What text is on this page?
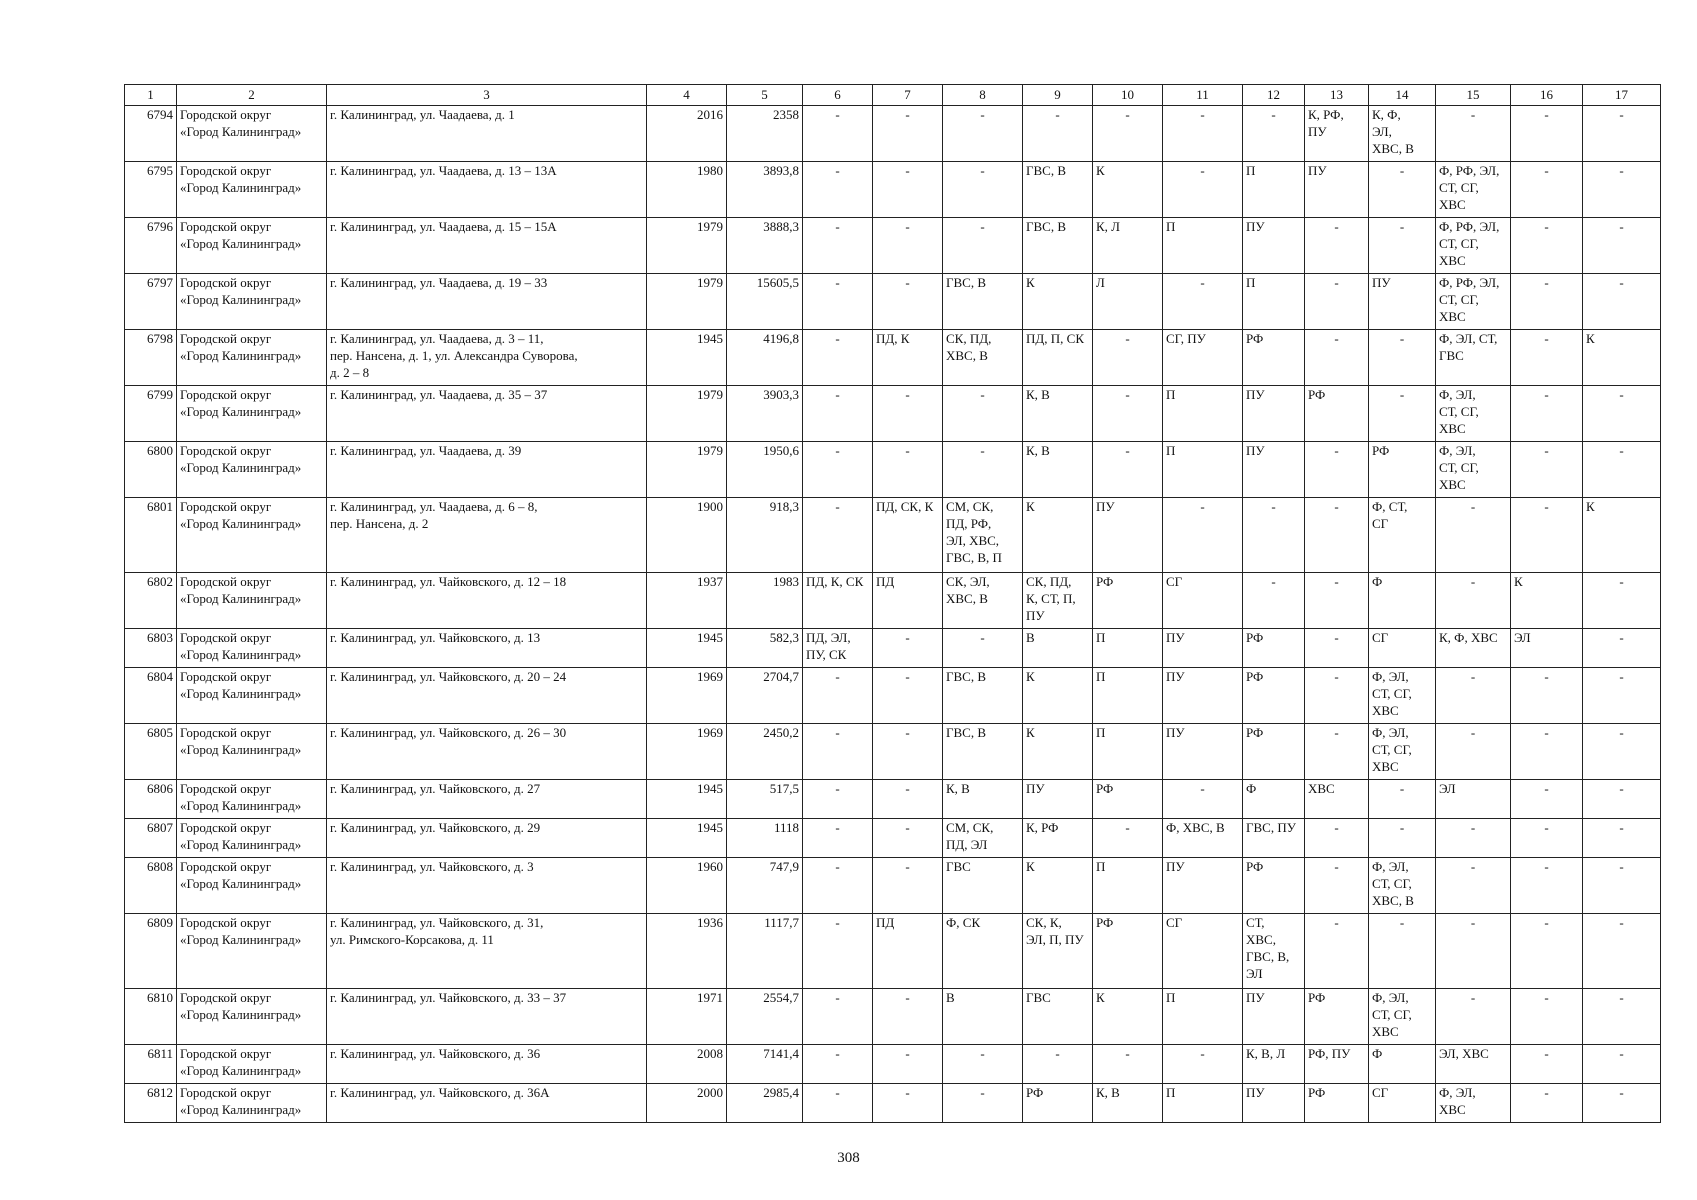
1	2	3	4	5	6	7	8	9	10	11	12	13	14	15	16	17
6794	Городской округ
«Город Калининград»	г. Калининград, ул. Чаадаева, д. 1	2016	2358	-	-	-	-	-	-	-	К, РФ,
ПУ	К, Ф,
ЭЛ,
ХВС, В	-	-	-
6795	Городской округ
«Город Калининград»	г. Калининград, ул. Чаадаева, д. 13 – 13А	1980	3893,8	-	-	-	ГВС, В	К	-	П	ПУ	-	Ф, РФ, ЭЛ,
СТ, СГ,
ХВС	-	-
6796	Городской округ
«Город Калининград»	г. Калининград, ул. Чаадаева, д. 15 – 15А	1979	3888,3	-	-	-	ГВС, В	К, Л	П	ПУ	-	-	Ф, РФ, ЭЛ,
СТ, СГ,
ХВС	-	-
6797	Городской округ
«Город Калининград»	г. Калининград, ул. Чаадаева, д. 19 – 33	1979	15605,5	-	-	ГВС, В	К	Л	-	П	-	ПУ	Ф, РФ, ЭЛ,
СТ, СГ,
ХВС	-	-
6798	Городской округ
«Город Калининград»	г. Калининград, ул. Чаадаева, д. 3 – 11,
пер. Нансена, д. 1, ул. Александра Суворова,
д. 2 – 8	1945	4196,8	-	ПД, К	СК, ПД,
ХВС, В	ПД, П, СК	-	СГ, ПУ	РФ	-	-	Ф, ЭЛ, СТ,
ГВС	-	К
6799	Городской округ
«Город Калининград»	г. Калининград, ул. Чаадаева, д. 35 – 37	1979	3903,3	-	-	-	К, В	-	П	ПУ	РФ	-	Ф, ЭЛ,
СТ, СГ,
ХВС	-	-
6800	Городской округ
«Город Калининград»	г. Калининград, ул. Чаадаева, д. 39	1979	1950,6	-	-	-	К, В	-	П	ПУ	-	РФ	Ф, ЭЛ,
СТ, СГ,
ХВС	-	-
6801	Городской округ
«Город Калининград»	г. Калининград, ул. Чаадаева, д. 6 – 8,
пер. Нансена, д. 2	1900	918,3	-	ПД, СК, К	СМ, СК,
ПД, РФ,
ЭЛ, ХВС,
ГВС, В, П	К	ПУ	-	-	-	Ф, СТ,
СГ	-	-	К
6802	Городской округ
«Город Калининград»	г. Калининград, ул. Чайковского, д. 12 – 18	1937	1983	ПД, К, СК	ПД	СК, ЭЛ,
ХВС, В	СК, ПД,
К, СТ, П,
ПУ	РФ	СГ	-	-	Ф	-	К	-
6803	Городской округ
«Город Калининград»	г. Калининград, ул. Чайковского, д. 13	1945	582,3	ПД, ЭЛ,
ПУ, СК	-	-	В	П	ПУ	РФ	-	СГ	К, Ф, ХВС	ЭЛ	-
6804	Городской округ
«Город Калининград»	г. Калининград, ул. Чайковского, д. 20 – 24	1969	2704,7	-	-	ГВС, В	К	П	ПУ	РФ	-	Ф, ЭЛ,
СТ, СГ,
ХВС	-	-	-
6805	Городской округ
«Город Калининград»	г. Калининград, ул. Чайковского, д. 26 – 30	1969	2450,2	-	-	ГВС, В	К	П	ПУ	РФ	-	Ф, ЭЛ,
СТ, СГ,
ХВС	-	-	-
6806	Городской округ
«Город Калининград»	г. Калининград, ул. Чайковского, д. 27	1945	517,5	-	-	К, В	ПУ	РФ	-	Ф	ХВС	-	ЭЛ	-	-
6807	Городской округ
«Город Калининград»	г. Калининград, ул. Чайковского, д. 29	1945	1118	-	-	СМ, СК,
ПД, ЭЛ	К, РФ	-	Ф, ХВС, В	ГВС, ПУ	-	-	-	-	-
6808	Городской округ
«Город Калининград»	г. Калининград, ул. Чайковского, д. 3	1960	747,9	-	-	ГВС	К	П	ПУ	РФ	-	Ф, ЭЛ,
СТ, СГ,
ХВС, В	-	-	-
6809	Городской округ
«Город Калининград»	г. Калининград, ул. Чайковского, д. 31,
ул. Римского-Корсакова, д. 11	1936	1117,7	-	ПД	Ф, СК	СК, К,
ЭЛ, П, ПУ	РФ	СГ	СТ,
ХВС,
ГВС, В,
ЭЛ	-	-	-	-	-
6810	Городской округ
«Город Калининград»	г. Калининград, ул. Чайковского, д. 33 – 37	1971	2554,7	-	-	В	ГВС	К	П	ПУ	РФ	Ф, ЭЛ,
СТ, СГ,
ХВС	-	-	-
6811	Городской округ
«Город Калининград»	г. Калининград, ул. Чайковского, д. 36	2008	7141,4	-	-	-	-	-	-	К, В, Л	РФ, ПУ	Ф	ЭЛ, ХВС	-	-
6812	Городской округ
«Город Калининград»	г. Калининград, ул. Чайковского, д. 36А	2000	2985,4	-	-	-	РФ	К, В	П	ПУ	РФ	СГ	Ф, ЭЛ,
ХВС	-	-
308
